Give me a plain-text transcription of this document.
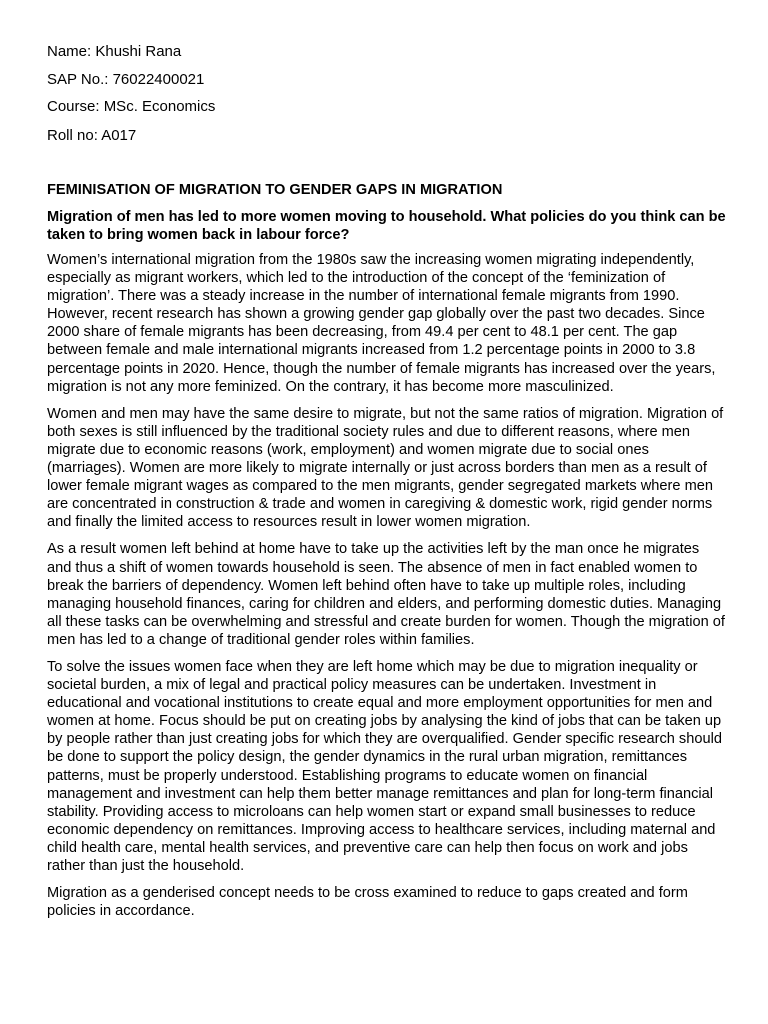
Name: Khushi Rana
SAP No.: 76022400021
Course: MSc. Economics
Roll no: A017
FEMINISATION OF MIGRATION TO GENDER GAPS IN MIGRATION
Migration of men has led to more women moving to household. What policies do you think can be taken to bring women back in labour force?

Women’s international migration from the 1980s saw the increasing women migrating independently, especially as migrant workers, which led to the introduction of the concept of the ‘feminization of migration’. There was a steady increase in the number of international female migrants from 1990. However, recent research has shown a growing gender gap globally over the past two decades. Since 2000 share of female migrants has been decreasing, from 49.4 per cent to 48.1 per cent. The gap between female and male international migrants increased from 1.2 percentage points in 2000 to 3.8 percentage points in 2020. Hence, though the number of female migrants has increased over the years, migration is not any more feminized. On the contrary, it has become more masculinized.

Women and men may have the same desire to migrate, but not the same ratios of migration. Migration of both sexes is still influenced by the traditional society rules and due to different reasons, where men migrate due to economic reasons (work, employment) and women migrate due to social ones (marriages). Women are more likely to migrate internally or just across borders than men as a result of lower female migrant wages as compared to the men migrants, gender segregated markets where men are concentrated in construction & trade and women in caregiving & domestic work, rigid gender norms and finally the limited access to resources result in lower women migration.

As a result women left behind at home have to take up the activities left by the man once he migrates and thus a shift of women towards household is seen. The absence of men in fact enabled women to break the barriers of dependency. Women left behind often have to take up multiple roles, including managing household finances, caring for children and elders, and performing domestic duties. Managing all these tasks can be overwhelming and stressful and create burden for women. Though the migration of men has led to a change of traditional gender roles within families.

To solve the issues women face when they are left home which may be due to migration inequality or societal burden, a mix of legal and practical policy measures can be undertaken. Investment in educational and vocational institutions to create equal and more employment opportunities for men and women at home. Focus should be put on creating jobs by analysing the kind of jobs that can be taken up by people rather than just creating jobs for which they are overqualified. Gender specific research should be done to support the policy design, the gender dynamics in the rural urban migration, remittances patterns, must be properly understood. Establishing programs to educate women on financial management and investment can help them better manage remittances and plan for long-term financial stability. Providing access to microloans can help women start or expand small businesses to reduce economic dependency on remittances. Improving access to healthcare services, including maternal and child health care, mental health services, and preventive care can help then focus on work and jobs rather than just the household.

Migration as a genderised concept needs to be cross examined to reduce to gaps created and form policies in accordance.
